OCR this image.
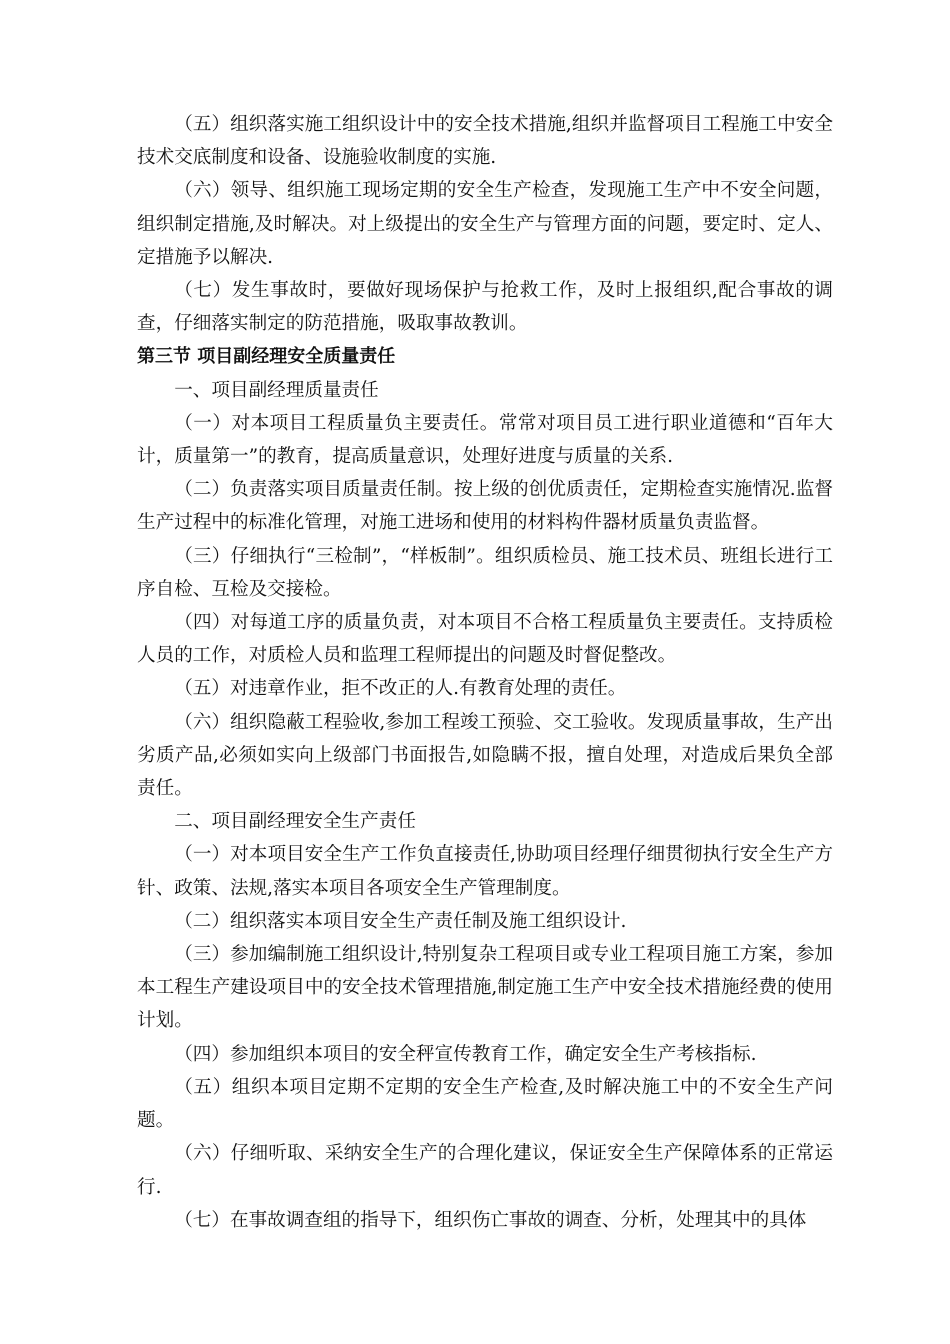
（五）组织落实施工组织设计中的安全技术措施,组织并监督项目工程施工中安全技术交底制度和设备、设施验收制度的实施.

（六）领导、组织施工现场定期的安全生产检查，发现施工生产中不安全问题，组织制定措施,及时解决。对上级提出的安全生产与管理方面的问题，要定时、定人、定措施予以解决.

（七）发生事故时，要做好现场保护与抢救工作，及时上报组织,配合事故的调查，仔细落实制定的防范措施，吸取事故教训。

第三节 项目副经理安全质量责任

一、项目副经理质量责任

（一）对本项目工程质量负主要责任。常常对项目员工进行职业道德和“百年大计，质量第一”的教育，提高质量意识，处理好进度与质量的关系.

（二）负责落实项目质量责任制。按上级的创优质责任，定期检查实施情况.监督生产过程中的标准化管理，对施工进场和使用的材料构件器材质量负责监督。

（三）仔细执行“三检制”，“样板制”。组织质检员、施工技术员、班组长进行工序自检、互检及交接检。

（四）对每道工序的质量负责，对本项目不合格工程质量负主要责任。支持质检人员的工作，对质检人员和监理工程师提出的问题及时督促整改。

（五）对违章作业，拒不改正的人.有教育处理的责任。

（六）组织隐蔽工程验收,参加工程竣工预验、交工验收。发现质量事故，生产出劣质产品,必须如实向上级部门书面报告,如隐瞒不报，擅自处理，对造成后果负全部责任。

二、项目副经理安全生产责任

（一）对本项目安全生产工作负直接责任,协助项目经理仔细贯彻执行安全生产方针、政策、法规,落实本项目各项安全生产管理制度。

（二）组织落实本项目安全生产责任制及施工组织设计.

（三）参加编制施工组织设计,特别复杂工程项目或专业工程项目施工方案，参加本工程生产建设项目中的安全技术管理措施,制定施工生产中安全技术措施经费的使用计划。

（四）参加组织本项目的安全秤宣传教育工作，确定安全生产考核指标.

（五）组织本项目定期不定期的安全生产检查,及时解决施工中的不安全生产问题。

（六）仔细听取、采纳安全生产的合理化建议，保证安全生产保障体系的正常运行.

（七）在事故调查组的指导下，组织伤亡事故的调查、分析，处理其中的具体
